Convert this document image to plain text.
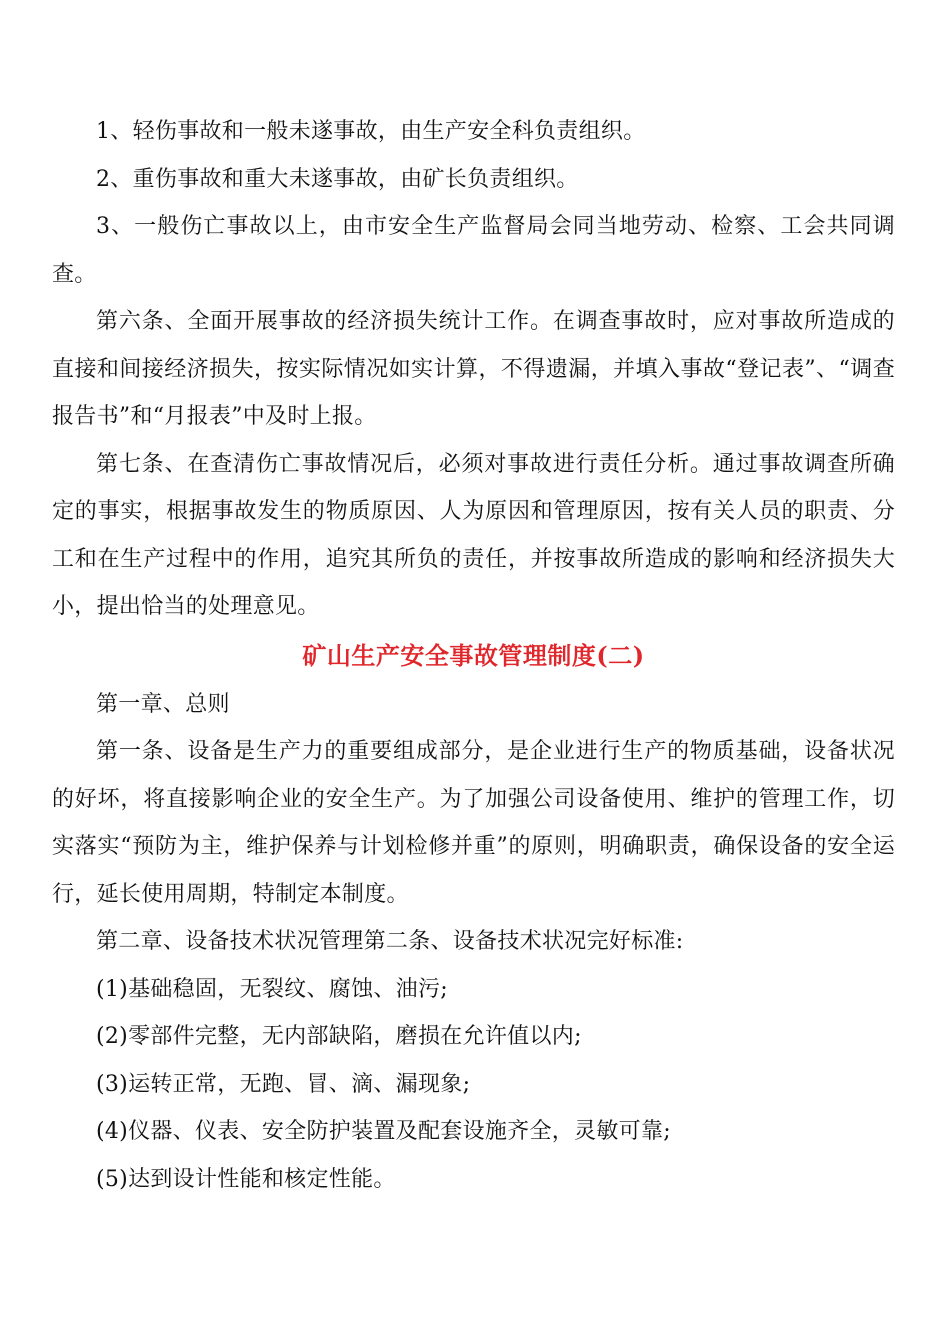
1、轻伤事故和一般未遂事故，由生产安全科负责组织。

2、重伤事故和重大未遂事故，由矿长负责组织。

3、一般伤亡事故以上，由市安全生产监督局会同当地劳动、检察、工会共同调查。

第六条、全面开展事故的经济损失统计工作。在调查事故时，应对事故所造成的直接和间接经济损失，按实际情况如实计算，不得遗漏，并填入事故“登记表”、“调查报告书”和“月报表”中及时上报。

第七条、在查清伤亡事故情况后，必须对事故进行责任分析。通过事故调查所确定的事实，根据事故发生的物质原因、人为原因和管理原因，按有关人员的职责、分工和在生产过程中的作用，追究其所负的责任，并按事故所造成的影响和经济损失大小，提出恰当的处理意见。

矿山生产安全事故管理制度(二)

第一章、总则

第一条、设备是生产力的重要组成部分，是企业进行生产的物质基础，设备状况的好坏，将直接影响企业的安全生产。为了加强公司设备使用、维护的管理工作，切实落实“预防为主，维护保养与计划检修并重”的原则，明确职责，确保设备的安全运行，延长使用周期，特制定本制度。

第二章、设备技术状况管理第二条、设备技术状况完好标准:

(1)基础稳固，无裂纹、腐蚀、油污;

(2)零部件完整，无内部缺陷，磨损在允许值以内;

(3)运转正常，无跑、冒、滴、漏现象;

(4)仪器、仪表、安全防护装置及配套设施齐全，灵敏可靠;

(5)达到设计性能和核定性能。
